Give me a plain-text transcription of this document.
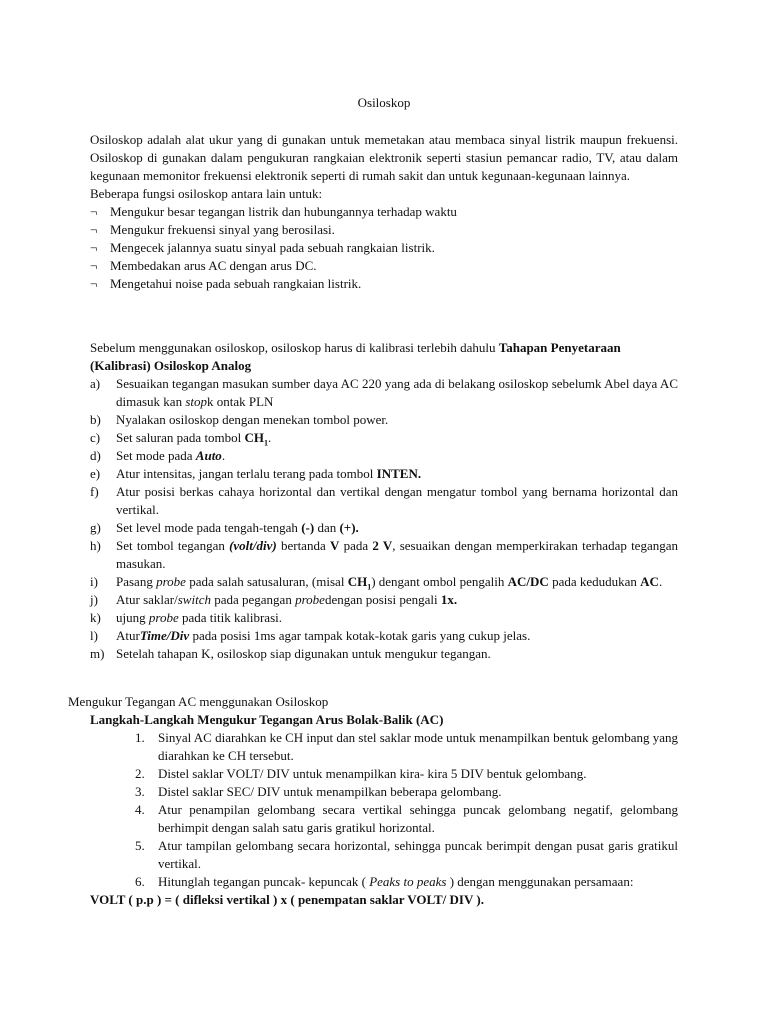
Osiloskop

Osiloskop adalah alat ukur yang di gunakan untuk memetakan atau membaca sinyal listrik maupun frekuensi. Osiloskop di gunakan dalam pengukuran rangkaian elektronik seperti stasiun pemancar radio, TV, atau dalam kegunaan memonitor frekuensi elektronik seperti di rumah sakit dan untuk kegunaan-kegunaan lainnya.

Beberapa fungsi osiloskop antara lain untuk:

¬ Mengukur besar tegangan listrik dan hubungannya terhadap waktu
¬ Mengukur frekuensi sinyal yang berosilasi.
¬ Mengecek jalannya suatu sinyal pada sebuah rangkaian listrik.
¬ Membedakan arus AC dengan arus DC.
¬ Mengetahui noise pada sebuah rangkaian listrik.

Sebelum menggunakan osiloskop, osiloskop harus di kalibrasi terlebih dahulu Tahapan Penyetaraan (Kalibrasi) Osiloskop Analog

a) Sesuaikan tegangan masukan sumber daya AC 220 yang ada di belakang osiloskop sebelumk Abel daya AC dimasuk kan stopk ontak PLN
b) Nyalakan osiloskop dengan menekan tombol power.
c) Set saluran pada tombol $CH_1$.
d) Set mode pada Auto.
e) Atur intensitas, jangan terlalu terang pada tombol INTEN.
f) Atur posisi berkas cahaya horizontal dan vertikal dengan mengatur tombol yang bernama horizontal dan vertikal.
g) Set level mode pada tengah-tengah (-) dan (+).
h) Set tombol tegangan (volt/div) bertanda V pada 2 V, sesuaikan dengan memperkirakan terhadap tegangan masukan.
i) Pasang probe pada salah satusaluran, (misal $CH_1$) dengant ombol pengalih AC/DC pada kedudukan AC.
j) Atur saklar/switch pada pegangan probedengan posisi pengali 1x.
k) ujung probe pada titik kalibrasi.
l) AturTime/Div pada posisi 1ms agar tampak kotak-kotak garis yang cukup jelas.
m) Setelah tahapan K, osiloskop siap digunakan untuk mengukur tegangan.
Mengukur Tegangan AC menggunakan Osiloskop
Langkah-Langkah Mengukur Tegangan Arus Bolak-Balik (AC)
1. Sinyal AC diarahkan ke CH input dan stel saklar mode untuk menampilkan bentuk gelombang yang diarahkan ke CH tersebut.
2. Distel saklar VOLT/ DIV untuk menampilkan kira- kira 5 DIV bentuk gelombang.
3. Distel saklar SEC/ DIV untuk menampilkan beberapa gelombang.
4. Atur penampilan gelombang secara vertikal sehingga puncak gelombang negatif, gelombang berhimpit dengan salah satu garis gratikul horizontal.
5. Atur tampilan gelombang secara horizontal, sehingga puncak berimpit dengan pusat garis gratikul vertikal.
6. Hitunglah tegangan puncak- kepuncak ( Peaks to peaks ) dengan menggunakan persamaan:
VOLT ( p.p ) = ( difleksi vertikal ) x ( penempatan saklar VOLT/ DIV ).
